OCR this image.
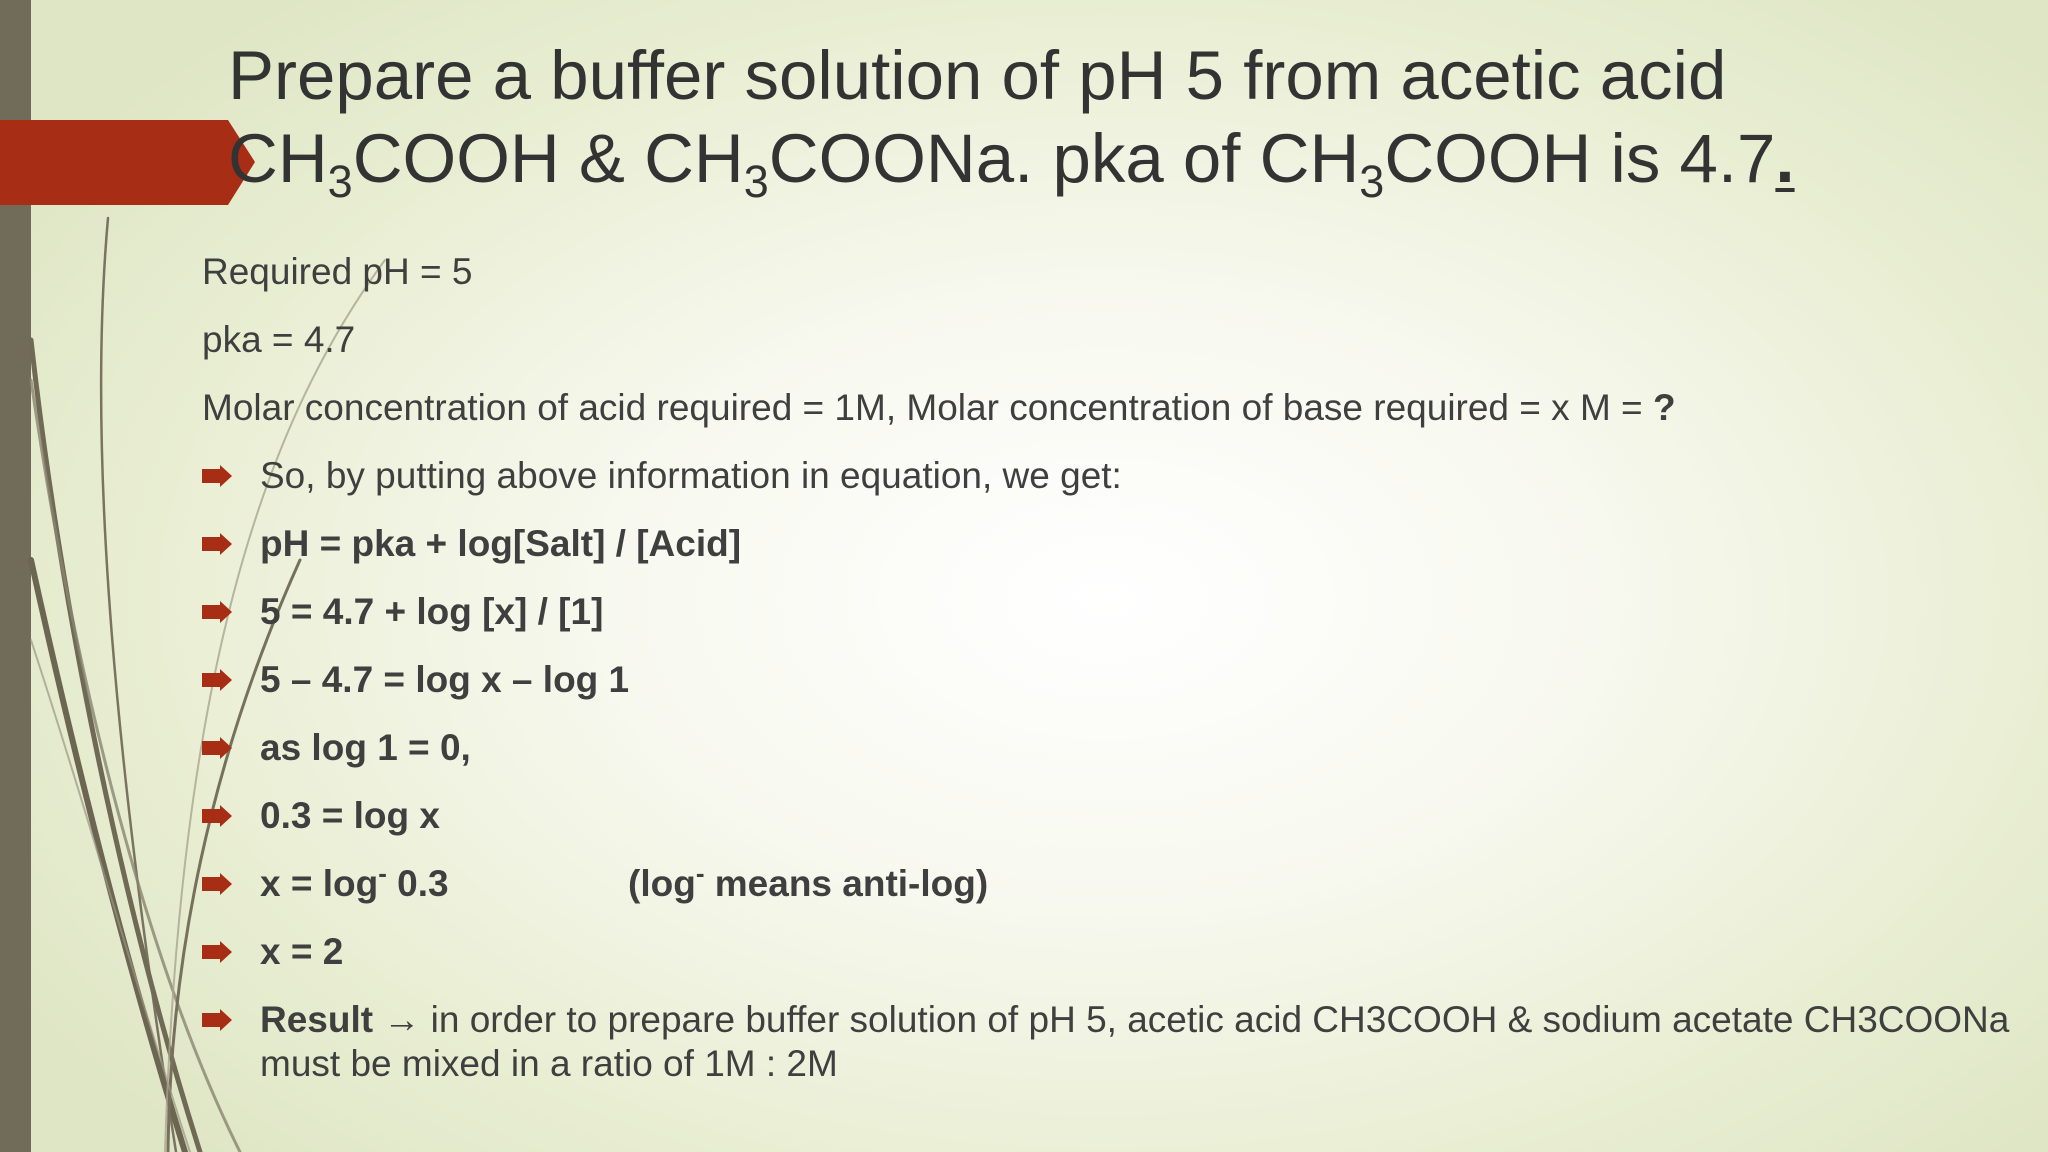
Prepare a buffer solution of pH 5 from acetic acid
$CH_3COOH$ & $CH_3COONa$. pka of $CH_3COOH$ is 4.7.
Required pH = 5
pka = 4.7
Molar concentration of acid required = 1M, Molar concentration of base required = x M = ?
So, by putting above information in equation, we get:
pH = pka + log[Salt] / [Acid]
5 = 4.7 + log [x] / [1]
5 – 4.7 = log x – log 1
as log 1 = 0,
0.3 = log x
x = log- 0.3	(log- means anti-log)
x = 2
Result → in order to prepare buffer solution of pH 5, acetic acid CH3COOH & sodium acetate CH3COONa
must be mixed in a ratio of 1M : 2M
